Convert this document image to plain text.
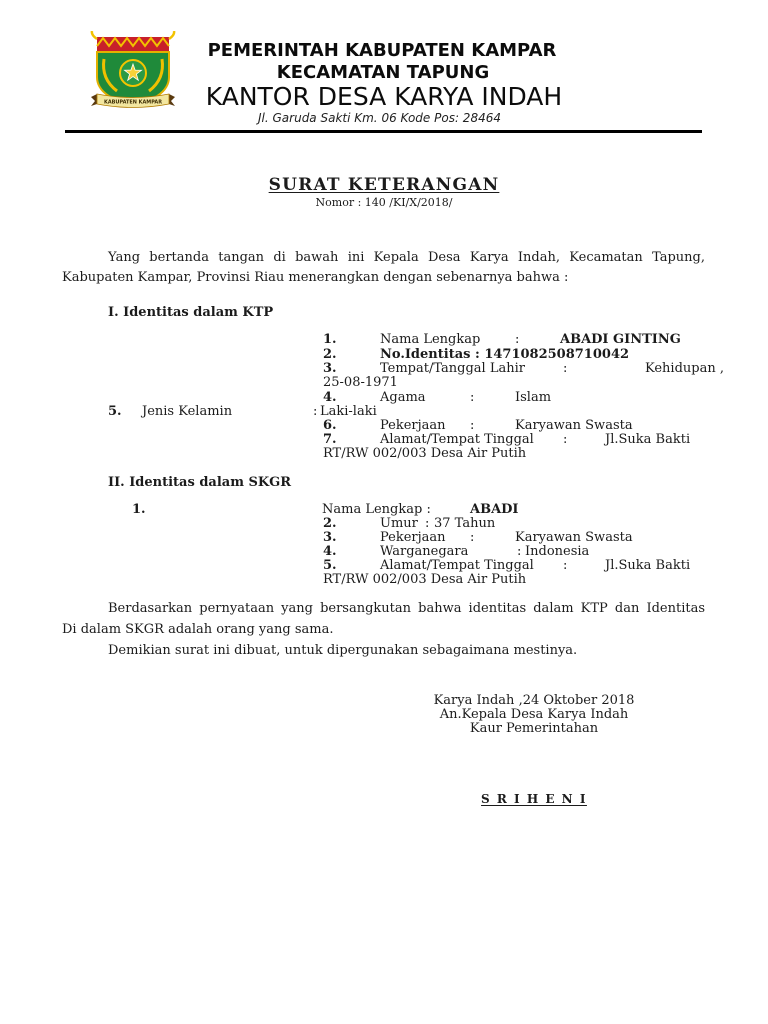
KABUPATEN KAMPAR
PEMERINTAH KABUPATEN KAMPAR
KECAMATAN TAPUNG
KANTOR DESA KARYA INDAH
Jl. Garuda Sakti Km. 06 Kode Pos: 28464
SURAT KETERANGAN
Nomor : 140 /KI/X/2018/
Yang bertanda tangan di bawah ini Kepala Desa Karya Indah, Kecamatan Tapung,
Kabupaten Kampar, Provinsi Riau menerangkan dengan sebenarnya bahwa :
I. Identitas dalam KTP
1.	Nama Lengkap	:	ABADI GINTING
2.	No.Identitas : 1471082508710042
3.	Tempat/Tanggal Lahir	:	Kehidupan ,
25-08-1971
4.	Agama	:	Islam
5. Jenis Kelamin	: Laki-laki
6.	Pekerjaan :	Karyawan Swasta
7.	Alamat/Tempat Tinggal :	Jl.Suka Bakti
RT/RW 002/003 Desa Air Putih
II. Identitas dalam SKGR
1.	Nama Lengkap :	ABADI
2.	Umur : 37 Tahun
3.	Pekerjaan :	Karyawan Swasta
4.	Warganegara	: Indonesia
5.	Alamat/Tempat Tinggal :	Jl.Suka Bakti
RT/RW 002/003 Desa Air Putih
Berdasarkan pernyataan yang bersangkutan bahwa identitas dalam KTP dan Identitas
Di dalam SKGR adalah orang yang sama.
Demikian surat ini dibuat, untuk dipergunakan sebagaimana mestinya.
Karya Indah ,24 Oktober 2018
An.Kepala Desa Karya Indah
Kaur Pemerintahan
S R I H E N I
